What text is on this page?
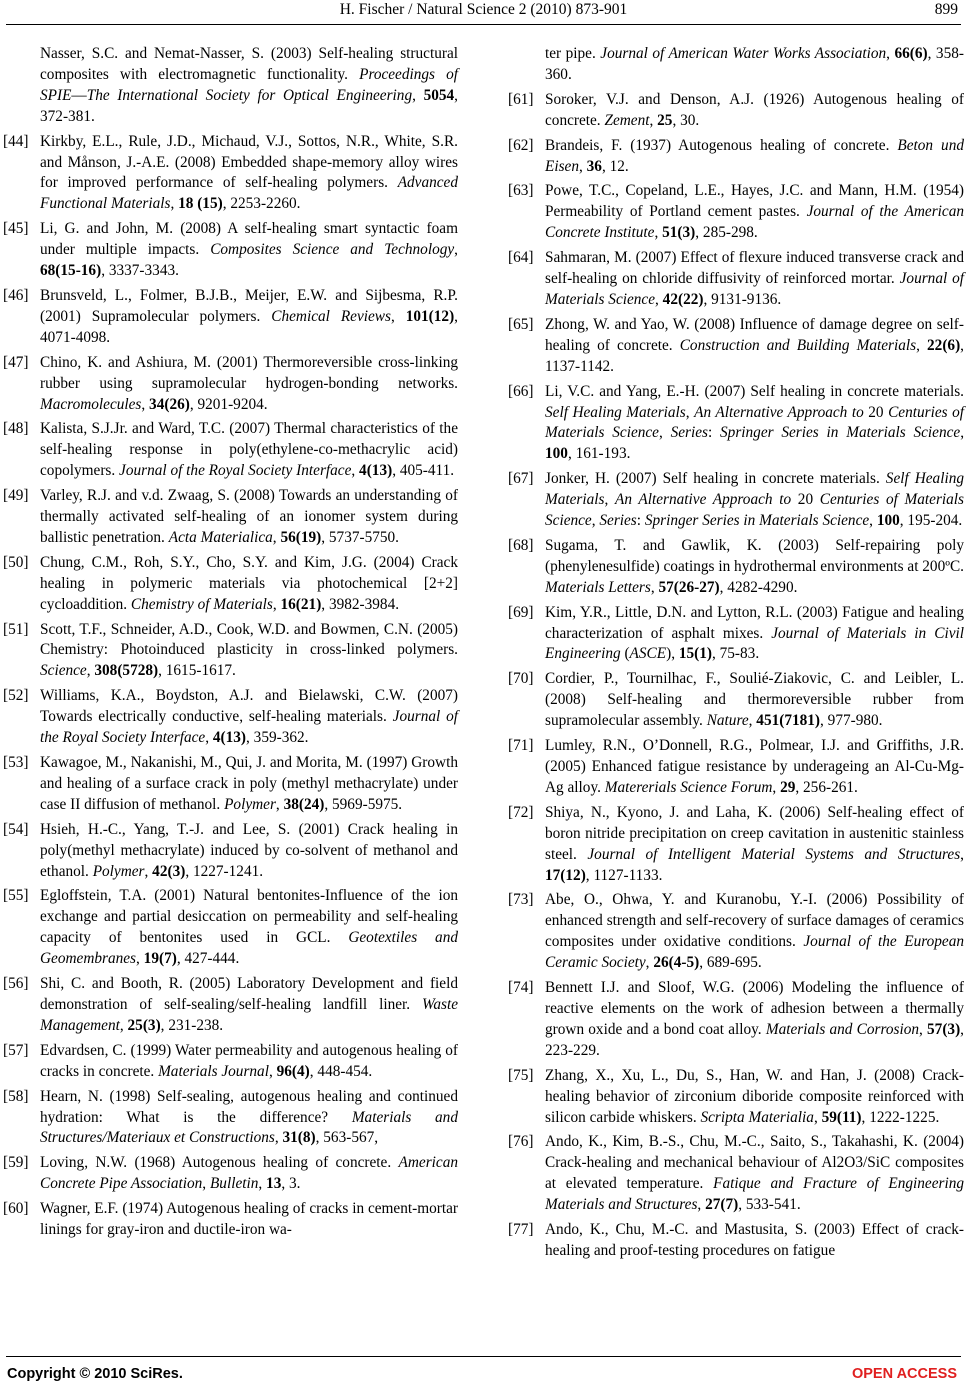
H. Fischer / Natural Science 2 (2010) 873-901	899
Nasser, S.C. and Nemat-Nasser, S. (2003) Self-healing structural composites with electromagnetic functionality. Proceedings of SPIE―The International Society for Optical Engineering, 5054, 372-381.
[44] Kirkby, E.L., Rule, J.D., Michaud, V.J., Sottos, N.R., White, S.R. and Månson, J.-A.E. (2008) Embedded shape-memory alloy wires for improved performance of self-healing polymers. Advanced Functional Materials, 18 (15), 2253-2260.
[45] Li, G. and John, M. (2008) A self-healing smart syntactic foam under multiple impacts. Composites Science and Technology, 68(15-16), 3337-3343.
[46] Brunsveld, L., Folmer, B.J.B., Meijer, E.W. and Sijbesma, R.P. (2001) Supramolecular polymers. Chemical Reviews, 101(12), 4071-4098.
[47] Chino, K. and Ashiura, M. (2001) Thermoreversible cross-linking rubber using supramolecular hydrogen-bonding networks. Macromolecules, 34(26), 9201-9204.
[48] Kalista, S.J.Jr. and Ward, T.C. (2007) Thermal characteristics of the self-healing response in poly(ethylene-co-methacrylic acid) copolymers. Journal of the Royal Society Interface, 4(13), 405-411.
[49] Varley, R.J. and v.d. Zwaag, S. (2008) Towards an understanding of thermally activated self-healing of an ionomer system during ballistic penetration. Acta Materialica, 56(19), 5737-5750.
[50] Chung, C.M., Roh, S.Y., Cho, S.Y. and Kim, J.G. (2004) Crack healing in polymeric materials via photochemical [2+2] cycloaddition. Chemistry of Materials, 16(21), 3982-3984.
[51] Scott, T.F., Schneider, A.D., Cook, W.D. and Bowmen, C.N. (2005) Chemistry: Photoinduced plasticity in cross-linked polymers. Science, 308(5728), 1615-1617.
[52] Williams, K.A., Boydston, A.J. and Bielawski, C.W. (2007) Towards electrically conductive, self-healing materials. Journal of the Royal Society Interface, 4(13), 359-362.
[53] Kawagoe, M., Nakanishi, M., Qui, J. and Morita, M. (1997) Growth and healing of a surface crack in poly (methyl methacrylate) under case II diffusion of methanol. Polymer, 38(24), 5969-5975.
[54] Hsieh, H.-C., Yang, T.-J. and Lee, S. (2001) Crack healing in poly(methyl methacrylate) induced by co-solvent of methanol and ethanol. Polymer, 42(3), 1227-1241.
[55] Egloffstein, T.A. (2001) Natural bentonites-Influence of the ion exchange and partial desiccation on permeability and self-healing capacity of bentonites used in GCL. Geotextiles and Geomembranes, 19(7), 427-444.
[56] Shi, C. and Booth, R. (2005) Laboratory Development and field demonstration of self-sealing/self-healing landfill liner. Waste Management, 25(3), 231-238.
[57] Edvardsen, C. (1999) Water permeability and autogenous healing of cracks in concrete. Materials Journal, 96(4), 448-454.
[58] Hearn, N. (1998) Self-sealing, autogenous healing and continued hydration: What is the difference? Materials and Structures/Materiaux et Constructions, 31(8), 563-567,
[59] Loving, N.W. (1968) Autogenous healing of concrete. American Concrete Pipe Association, Bulletin, 13, 3.
[60] Wagner, E.F. (1974) Autogenous healing of cracks in cement-mortar linings for gray-iron and ductile-iron wa-
ter pipe. Journal of American Water Works Association, 66(6), 358-360.
[61] Soroker, V.J. and Denson, A.J. (1926) Autogenous healing of concrete. Zement, 25, 30.
[62] Brandeis, F. (1937) Autogenous healing of concrete. Beton und Eisen, 36, 12.
[63] Powe, T.C., Copeland, L.E., Hayes, J.C. and Mann, H.M. (1954) Permeability of Portland cement pastes. Journal of the American Concrete Institute, 51(3), 285-298.
[64] Sahmaran, M. (2007) Effect of flexure induced transverse crack and self-healing on chloride diffusivity of reinforced mortar. Journal of Materials Science, 42(22), 9131-9136.
[65] Zhong, W. and Yao, W. (2008) Influence of damage degree on self-healing of concrete. Construction and Building Materials, 22(6), 1137-1142.
[66] Li, V.C. and Yang, E.-H. (2007) Self healing in concrete materials. Self Healing Materials, An Alternative Approach to 20 Centuries of Materials Science, Series: Springer Series in Materials Science, 100, 161-193.
[67] Jonker, H. (2007) Self healing in concrete materials. Self Healing Materials, An Alternative Approach to 20 Centuries of Materials Science, Series: Springer Series in Materials Science, 100, 195-204.
[68] Sugama, T. and Gawlik, K. (2003) Self-repairing poly (phenylenesulfide) coatings in hydrothermal environments at 200ºC. Materials Letters, 57(26-27), 4282-4290.
[69] Kim, Y.R., Little, D.N. and Lytton, R.L. (2003) Fatigue and healing characterization of asphalt mixes. Journal of Materials in Civil Engineering (ASCE), 15(1), 75-83.
[70] Cordier, P., Tournilhac, F., Soulié-Ziakovic, C. and Leibler, L. (2008) Self-healing and thermoreversible rubber from supramolecular assembly. Nature, 451(7181), 977-980.
[71] Lumley, R.N., O’Donnell, R.G., Polmear, I.J. and Griffiths, J.R. (2005) Enhanced fatigue resistance by underageing an Al-Cu-Mg-Ag alloy. Matererials Science Forum, 29, 256-261.
[72] Shiya, N., Kyono, J. and Laha, K. (2006) Self-healing effect of boron nitride precipitation on creep cavitation in austenitic stainless steel. Journal of Intelligent Material Systems and Structures, 17(12), 1127-1133.
[73] Abe, O., Ohwa, Y. and Kuranobu, Y.-I. (2006) Possibility of enhanced strength and self-recovery of surface damages of ceramics composites under oxidative conditions. Journal of the European Ceramic Society, 26(4-5), 689-695.
[74] Bennett I.J. and Sloof, W.G. (2006) Modeling the influence of reactive elements on the work of adhesion between a thermally grown oxide and a bond coat alloy. Materials and Corrosion, 57(3), 223-229.
[75] Zhang, X., Xu, L., Du, S., Han, W. and Han, J. (2008) Crack-healing behavior of zirconium diboride composite reinforced with silicon carbide whiskers. Scripta Materialia, 59(11), 1222-1225.
[76] Ando, K., Kim, B.-S., Chu, M.-C., Saito, S., Takahashi, K. (2004) Crack-healing and mechanical behaviour of Al2O3/SiC composites at elevated temperature. Fatique and Fracture of Engineering Materials and Structures, 27(7), 533-541.
[77] Ando, K., Chu, M.-C. and Mastusita, S. (2003) Effect of crack-healing and proof-testing procedures on fatigue
Copyright © 2010 SciRes.	OPEN ACCESS
